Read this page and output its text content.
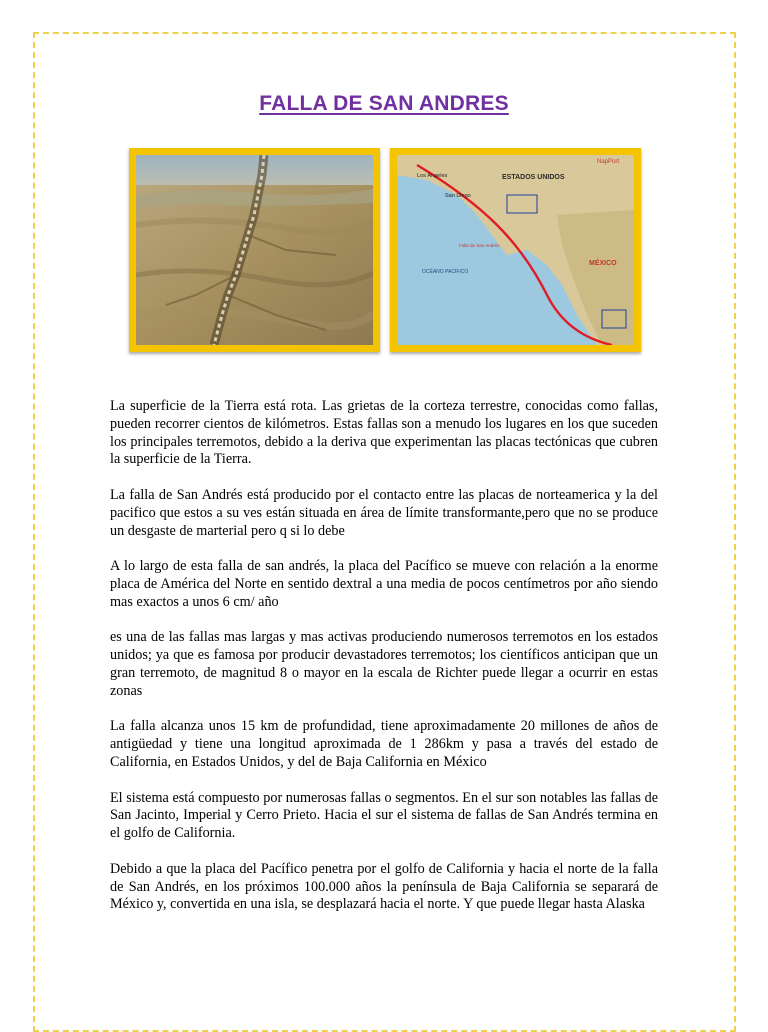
FALLA DE SAN ANDRES
NapPort
ESTADOS UNIDOS
MÉXICO
OCÉANO PACÍFICO
Los Ángeles
San Diego
Falla de San Andrés

La superficie de la Tierra está rota. Las grietas de la corteza terrestre, conocidas como fallas, pueden recorrer cientos de kilómetros. Estas fallas son a menudo los lugares en los que suceden los principales terremotos, debido a la deriva que experimentan las placas tectónicas que cubren la superficie de la Tierra.

La falla de San Andrés está producido por el contacto entre las placas de norteamerica y la del pacifico que estos a su ves están situada en área de límite transformante,pero que no se produce un desgaste de marterial pero q si lo debe

A lo largo de esta falla de san andrés, la placa del Pacífico se mueve con relación a la enorme placa de América del Norte en sentido dextral a una media de pocos centímetros por año siendo mas exactos a unos 6 cm/ año

es una de las fallas mas largas y mas activas produciendo numerosos terremotos en los estados unidos; ya que es famosa por producir devastadores terremotos; los científicos anticipan que un gran terremoto, de magnitud 8 o mayor en la escala de Richter puede llegar a ocurrir en estas zonas

La falla alcanza unos 15 km de profundidad, tiene aproximadamente 20 millones de años de antigüedad y tiene una longitud aproximada de 1 286km y pasa a través del estado de California, en Estados Unidos, y del de Baja California en México

El sistema está compuesto por numerosas fallas o segmentos. En el sur son notables las fallas de San Jacinto, Imperial y Cerro Prieto. Hacia el sur el sistema de fallas de San Andrés termina en el golfo de California.

Debido a que la placa del Pacífico penetra por el golfo de California y hacia el norte de la falla de San Andrés, en los próximos 100.000 años la península de Baja California se separará de México y, convertida en una isla, se desplazará hacia el norte. Y que puede llegar hasta Alaska
